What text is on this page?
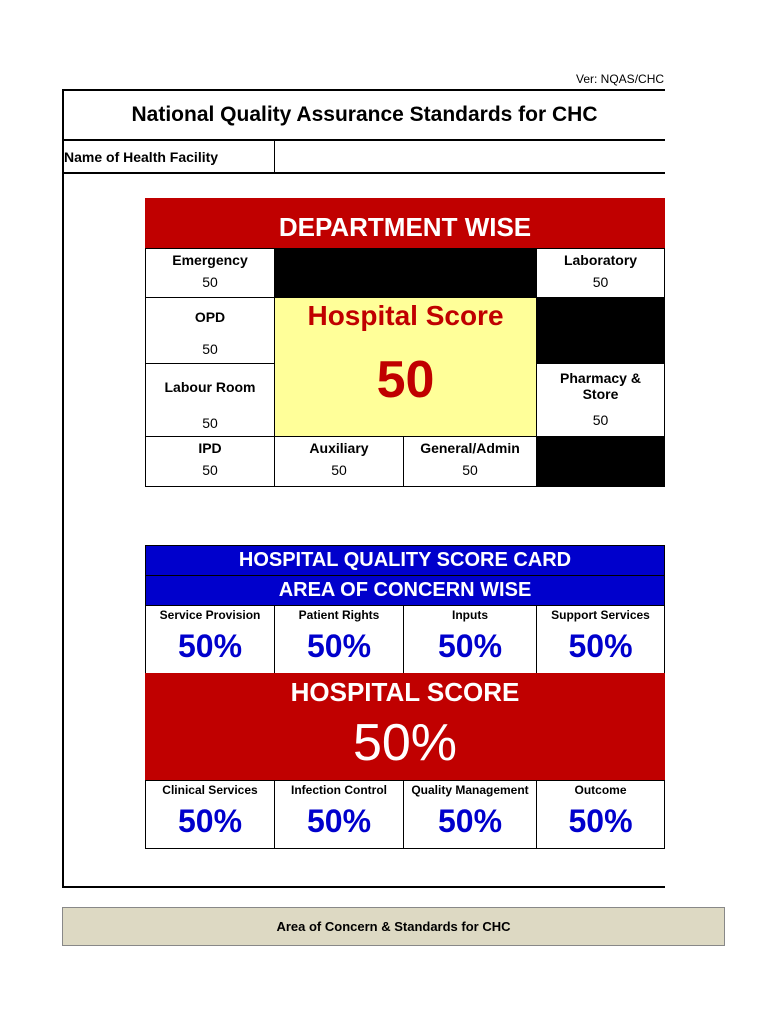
Ver: NQAS/CHC
National Quality Assurance Standards for CHC
Name of Health Facility
DEPARTMENT WISE
Emergency
50
Laboratory
50
OPD
50
Hospital Score
50
Labour Room
50
Pharmacy & Store
50
IPD
50
Auxiliary
50
General/Admin
50
HOSPITAL QUALITY SCORE CARD
AREA OF CONCERN WISE
Service Provision
50%
Patient Rights
50%
Inputs
50%
Support Services
50%
HOSPITAL SCORE
50%
Clinical Services
50%
Infection Control
50%
Quality Management
50%
Outcome
50%
Area of Concern & Standards for CHC
